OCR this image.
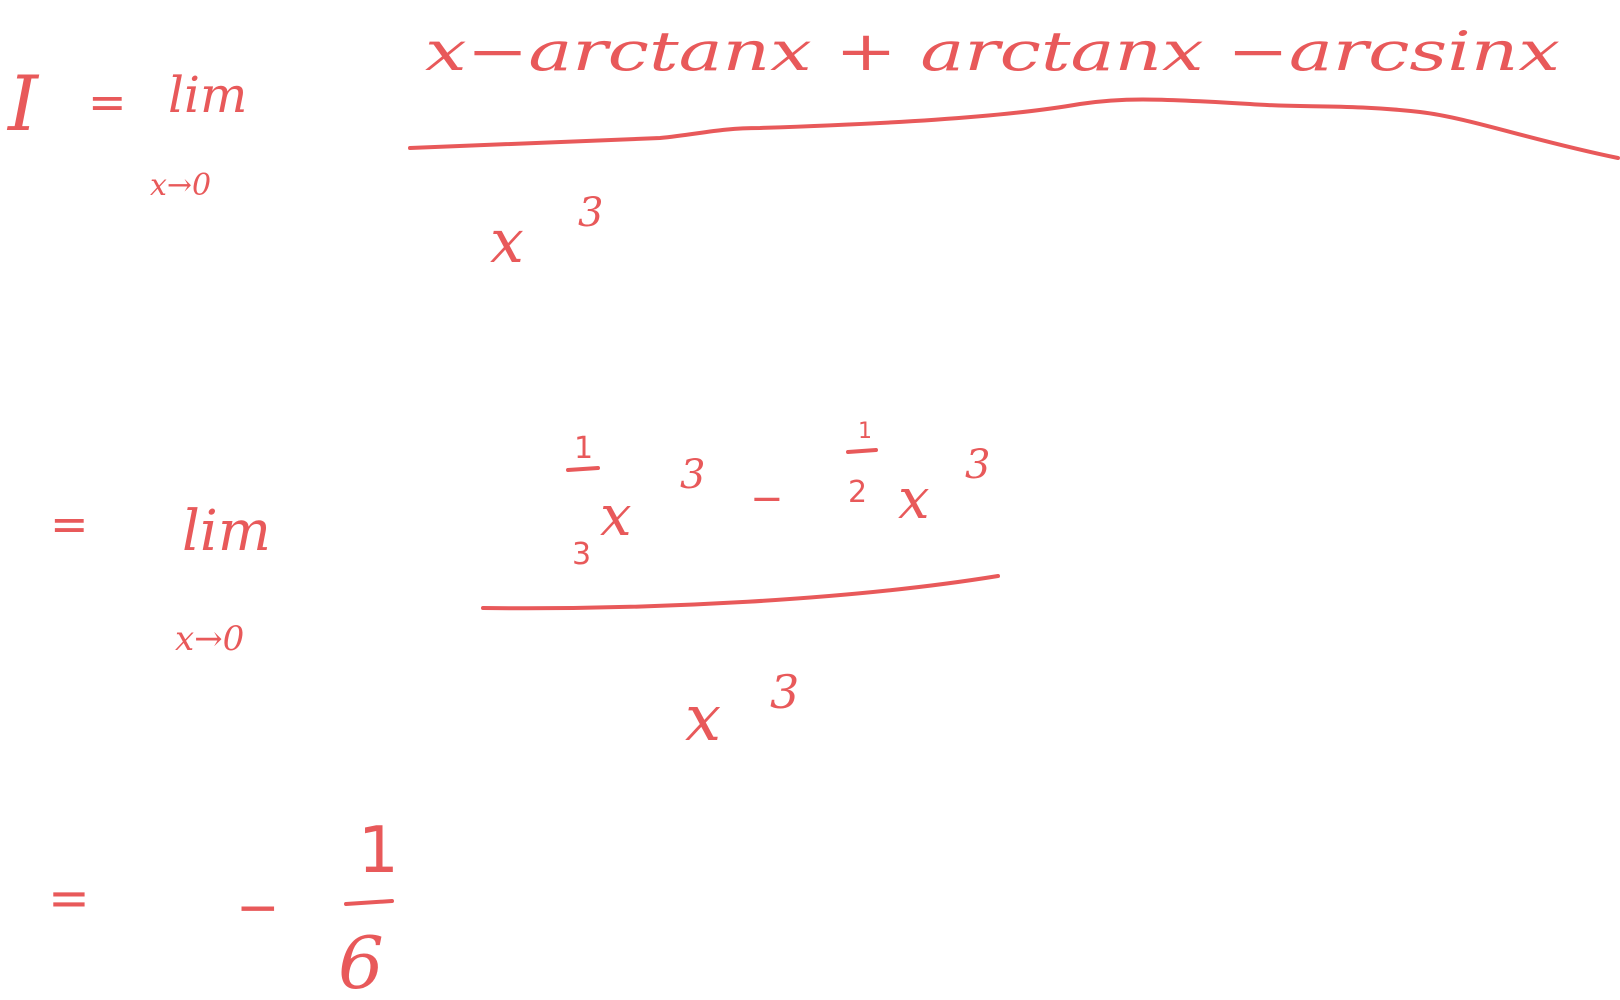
I = lim
x→0
x−arctanx + arctanx −arcsinx
x 3
= lim
x→0
1
3
x
3
−
1
2 x
3
x 3
=	−
1
6
